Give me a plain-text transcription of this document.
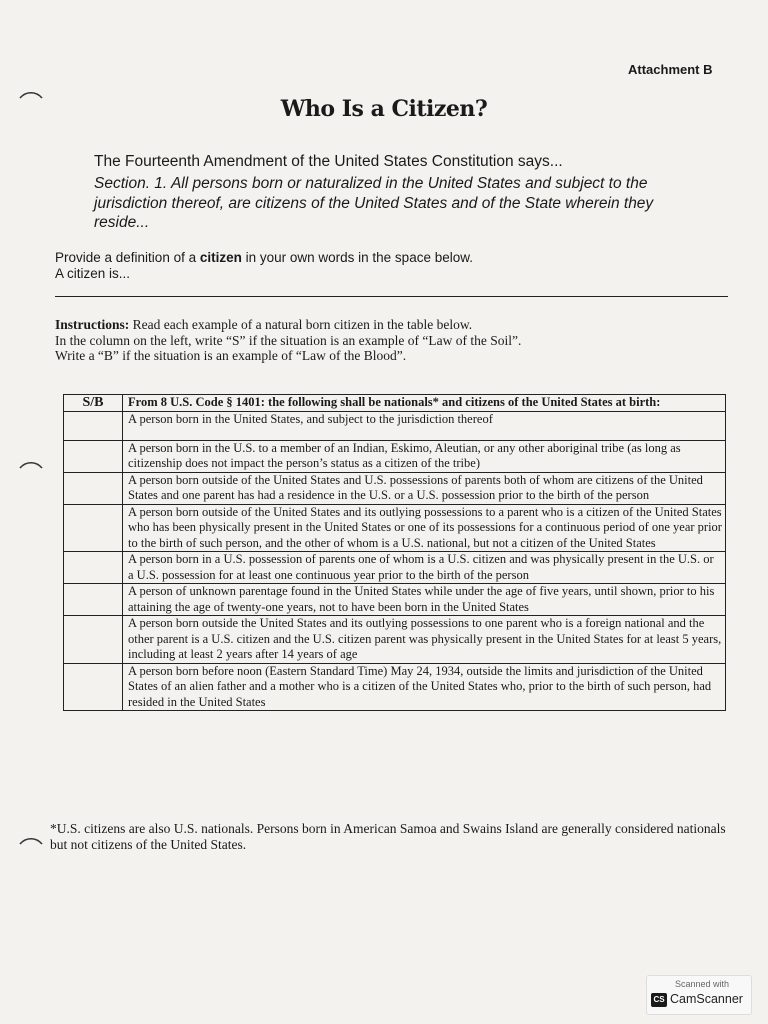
Attachment B
Who Is a Citizen?
The Fourteenth Amendment of the United States Constitution says...
Section. 1. All persons born or naturalized in the United States and subject to the jurisdiction thereof, are citizens of the United States and of the State wherein they reside...
Provide a definition of a citizen in your own words in the space below.
A citizen is...
Instructions: Read each example of a natural born citizen in the table below.
In the column on the left, write “S” if the situation is an example of “Law of the Soil”.
Write a “B” if the situation is an example of “Law of the Blood”.
S/B	From 8 U.S. Code § 1401: the following shall be nationals* and citizens of the United States at birth:
	A person born in the United States, and subject to the jurisdiction thereof
	A person born in the U.S. to a member of an Indian, Eskimo, Aleutian, or any other aboriginal tribe (as long as citizenship does not impact the person’s status as a citizen of the tribe)
	A person born outside of the United States and U.S. possessions of parents both of whom are citizens of the United States and one parent has had a residence in the U.S. or a U.S. possession prior to the birth of the person
	A person born outside of the United States and its outlying possessions to a parent who is a citizen of the United States who has been physically present in the United States or one of its possessions for a continuous period of one year prior to the birth of such person, and the other of whom is a U.S. national, but not a citizen of the United States
	A person born in a U.S. possession of parents one of whom is a U.S. citizen and was physically present in the U.S. or a U.S. possession for at least one continuous year prior to the birth of the person
	A person of unknown parentage found in the United States while under the age of five years, until shown, prior to his attaining the age of twenty-one years, not to have been born in the United States
	A person born outside the United States and its outlying possessions to one parent who is a foreign national and the other parent is a U.S. citizen and the U.S. citizen parent was physically present in the United States for at least 5 years, including at least 2 years after 14 years of age
	A person born before noon (Eastern Standard Time) May 24, 1934, outside the limits and jurisdiction of the United States of an alien father and a mother who is a citizen of the United States who, prior to the birth of such person, had resided in the United States
*U.S. citizens are also U.S. nationals. Persons born in American Samoa and Swains Island are generally considered nationals but not citizens of the United States.
Scanned with
CS CamScanner
